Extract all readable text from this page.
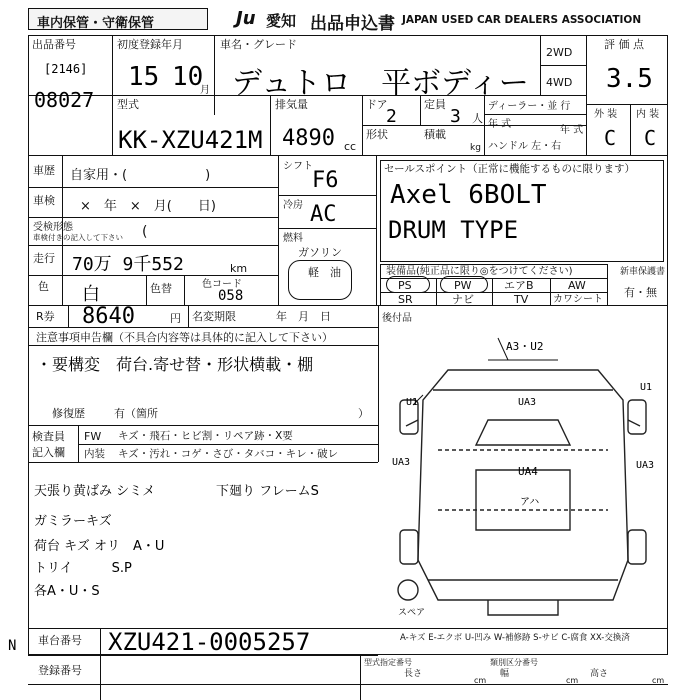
車内保管・守衛保管	Ju 愛知 出品申込書 JAPAN USED CAR DEALERS ASSOCIATION
出品番号
[2146]
08027
初度登録年月
15 10
月
車名・グレード
デュトロ　平ボディー
2WD
4WD
評 価 点
3.5
型式
KK-XZU421M
排気量
4890 cc
ドア
2
定員
3 人
ディーラー・並 行
年 式
年 式
形状	積載
kg ハンドル 左・右
外 装 内 装
C C
車歴 自家用・(　　　　　　)
車検 ×　年　×　月(　　日)
受検形態
車検付きの記入して下さい (
走行 70万 9千552	km
色 白	色替	色コード
058
シフト
F6
冷房 AC
燃料
ガソリン
軽　油
セールスポイント（正常に機能するものに限ります）
Axel 6BOLT
DRUM TYPE
装備品(純正品に限り◎をつけてください)
PS	PW	エアB	AW
SR	ナビ	TV カワシート
新車保護書
有・無
R券 8640	円 名変期限	年　月　日	後付品
注意事項申告欄（不具合内容等は具体的に記入して下さい）
・要構変　荷台.寄せ替・形状横載・棚
修復歴	有（箇所	）
検査員
記入欄
FW キズ・飛石・ヒビ割・リペア跡・X要
内装 キズ・汚れ・コゲ・さび・タバコ・キレ・破レ
天張り黄ばみ シミメ	下廻り フレームS
ガミラーキズ
荷台 キズ オリ　A・U
トリイ　　　S.P
各A・U・S
A3・U2
U1	UA3
U1
UA3	UA3
UA4
アハ
スペア
A-キズ E-エクボ U-凹み W-補修跡 S-サビ C-腐食 XX-交換済
車台番号 XZU421-0005257
登録番号
N
型式指定番号	類別区分番号
長さ	幅	高さ
cm	cm	cm
